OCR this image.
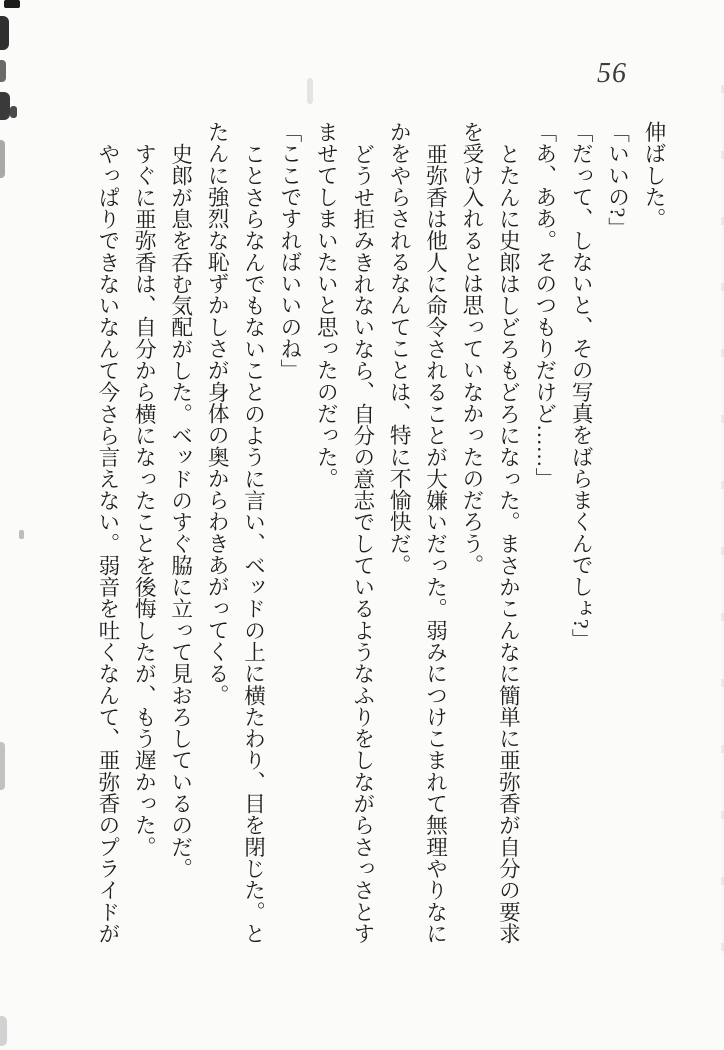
56

伸ばした。

「いいの?」

「だって、しないと、その写真をばらまくんでしょ?」

「あ、ああ。そのつもりだけど……」

とたんに史郎はしどろもどろになった。まさかこんなに簡単に亜弥香が自分の要求

を受け入れるとは思っていなかったのだろう。

亜弥香は他人に命令されることが大嫌いだった。弱みにつけこまれて無理やりなに

かをやらされるなんてことは、特に不愉快だ。

どうせ拒みきれないなら、自分の意志でしているようなふりをしながらさっさとす

ませてしまいたいと思ったのだった。

「ここですればいいのね」

ことさらなんでもないことのように言い、ベッドの上に横たわり、目を閉じた。と

たんに強烈な恥ずかしさが身体の奥からわきあがってくる。

史郎が息を呑む気配がした。ベッドのすぐ脇に立って見おろしているのだ。

すぐに亜弥香は、自分から横になったことを後悔したが、もう遅かった。

やっぱりできないなんて今さら言えない。弱音を吐くなんて、亜弥香のプライドが
